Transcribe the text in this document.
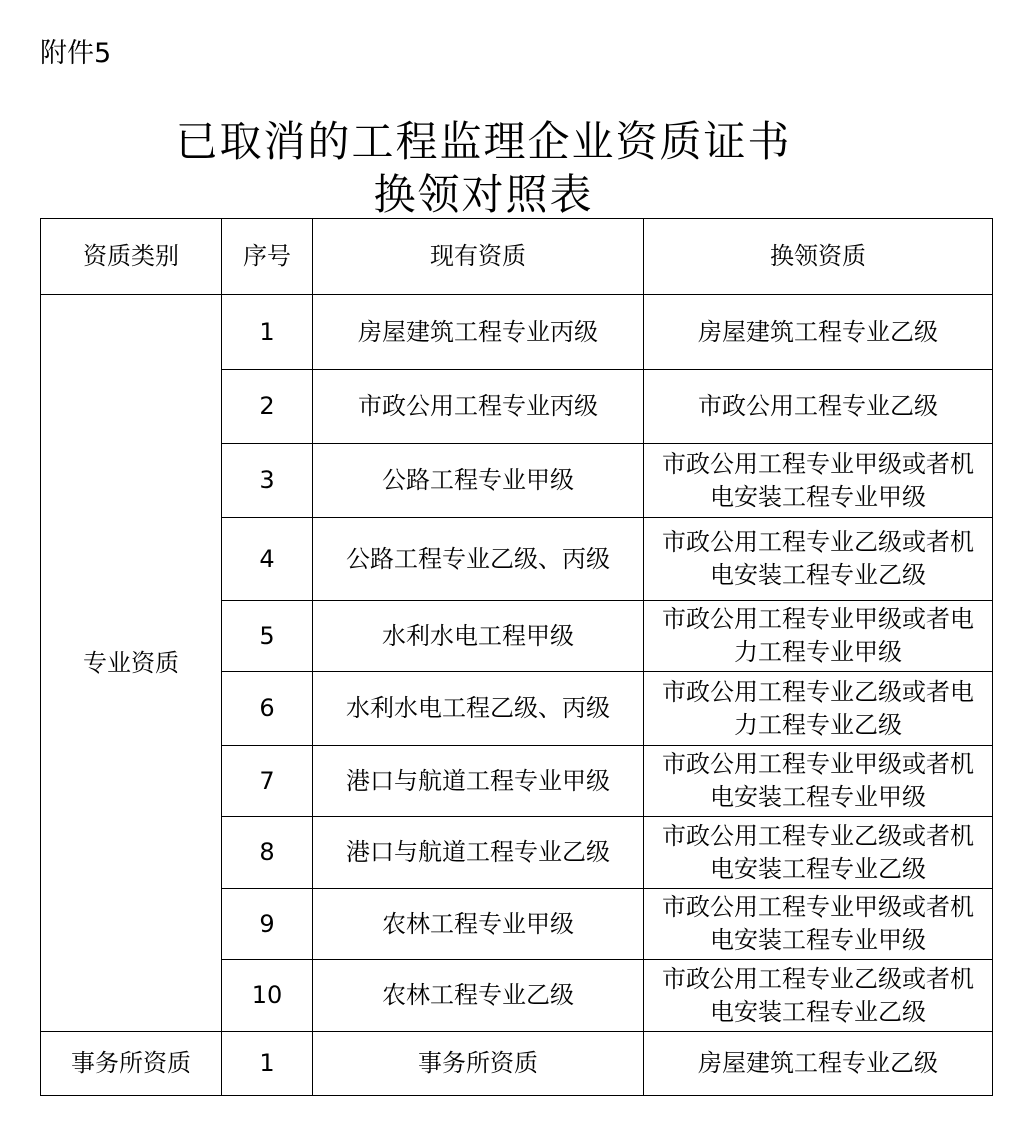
附件5
已取消的工程监理企业资质证书
换领对照表
资质类别	序号	现有资质	换领资质
专业资质	1	房屋建筑工程专业丙级	房屋建筑工程专业乙级

	2	市政公用工程专业丙级	市政公用工程专业乙级

	3	公路工程专业甲级	市政公用工程专业甲级或者机
电安装工程专业甲级

	4	公路工程专业乙级、丙级	市政公用工程专业乙级或者机
电安装工程专业乙级

	5	水利水电工程甲级	市政公用工程专业甲级或者电
力工程专业甲级

	6	水利水电工程乙级、丙级	市政公用工程专业乙级或者电
力工程专业乙级

	7	港口与航道工程专业甲级	市政公用工程专业甲级或者机
电安装工程专业甲级

	8	港口与航道工程专业乙级	市政公用工程专业乙级或者机
电安装工程专业乙级

	9	农林工程专业甲级	市政公用工程专业甲级或者机
电安装工程专业甲级

	10	农林工程专业乙级	市政公用工程专业乙级或者机
电安装工程专业乙级

事务所资质	1	事务所资质	房屋建筑工程专业乙级
